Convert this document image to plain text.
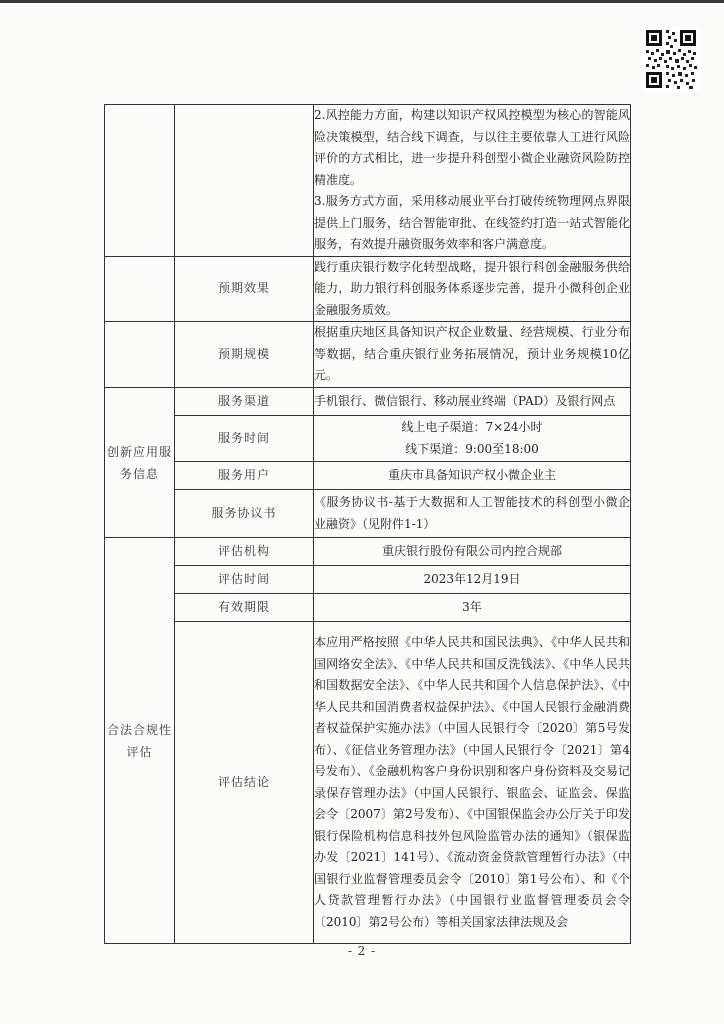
		2.风控能力方面，构建以知识产权风控模型为核心的智能风险决策模型，结合线下调查，与以往主要依靠人工进行风险评价的方式相比，进一步提升科创型小微企业融资风险防控精准度。

3.服务方式方面，采用移动展业平台打破传统物理网点界限提供上门服务，结合智能审批、在线签约打造一站式智能化服务，有效提升融资服务效率和客户满意度。

	预期效果	践行重庆银行数字化转型战略，提升银行科创金融服务供给能力，助力银行科创服务体系逐步完善，提升小微科创企业金融服务质效。
	预期规模	根据重庆地区具备知识产权企业数量、经营规模、行业分布等数据，结合重庆银行业务拓展情况，预计业务规模10亿元。
创新应用服务信息	服务渠道	手机银行、微信银行、移动展业终端（PAD）及银行网点
	服务时间	线上电子渠道：7×24小时

线下渠道：9:00至18:00

	服务用户	重庆市具备知识产权小微企业主
	服务协议书	《服务协议书-基于大数据和人工智能技术的科创型小微企业融资》（见附件1-1）
合法合规性评估	评估机构	重庆银行股份有限公司内控合规部
	评估时间	2023年12月19日
	有效期限	3年
	评估结论	本应用严格按照《中华人民共和国民法典》、《中华人民共和国网络安全法》、《中华人民共和国反洗钱法》、《中华人民共和国数据安全法》、《中华人民共和国个人信息保护法》、《中华人民共和国消费者权益保护法》、《中国人民银行金融消费者权益保护实施办法》（中国人民银行令〔2020〕第5号发布）、《征信业务管理办法》（中国人民银行令〔2021〕第4号发布）、《金融机构客户身份识别和客户身份资料及交易记录保存管理办法》（中国人民银行、银监会、证监会、保监会令〔2007〕第2号发布）、《中国银保监会办公厅关于印发银行保险机构信息科技外包风险监管办法的通知》（银保监办发〔2021〕141号）、《流动资金贷款管理暂行办法》（中国银行业监督管理委员会令〔2010〕第1号公布）、和《个人贷款管理暂行办法》（中国银行业监督管理委员会令〔2010〕第2号公布）等相关国家法律法规及会
- 2 -
